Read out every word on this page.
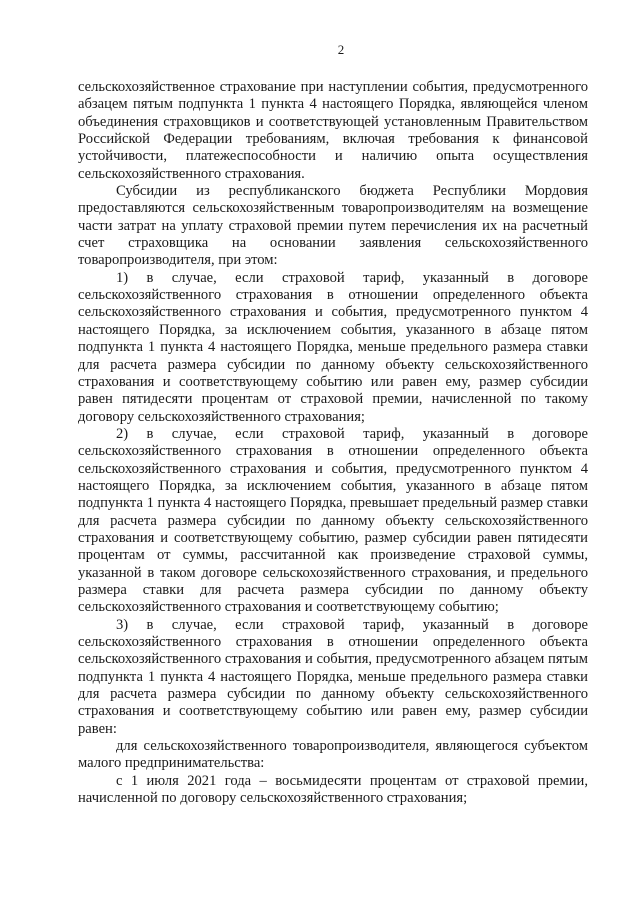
2

сельскохозяйственное страхование при наступлении события, предусмотренного абзацем пятым подпункта 1 пункта 4 настоящего Порядка, являющейся членом объединения страховщиков и соответствующей установленным Правительством Российской Федерации требованиям, включая требования к финансовой устойчивости, платежеспособности и наличию опыта осуществления сельскохозяйственного страхования.

Субсидии из республиканского бюджета Республики Мордовия предоставляются сельскохозяйственным товаропроизводителям на возмещение части затрат на уплату страховой премии путем перечисления их на расчетный счет страховщика на основании заявления сельскохозяйственного товаропроизводителя, при этом:

1) в случае, если страховой тариф, указанный в договоре сельскохозяйственного страхования в отношении определенного объекта сельскохозяйственного страхования и события, предусмотренного пунктом 4 настоящего Порядка, за исключением события, указанного в абзаце пятом подпункта 1 пункта 4 настоящего Порядка, меньше предельного размера ставки для расчета размера субсидии по данному объекту сельскохозяйственного страхования и соответствующему событию или равен ему, размер субсидии равен пятидесяти процентам от страховой премии, начисленной по такому договору сельскохозяйственного страхования;

2) в случае, если страховой тариф, указанный в договоре сельскохозяйственного страхования в отношении определенного объекта сельскохозяйственного страхования и события, предусмотренного пунктом 4 настоящего Порядка, за исключением события, указанного в абзаце пятом подпункта 1 пункта 4 настоящего Порядка, превышает предельный размер ставки для расчета размера субсидии по данному объекту сельскохозяйственного страхования и соответствующему событию, размер субсидии равен пятидесяти процентам от суммы, рассчитанной как произведение страховой суммы, указанной в таком договоре сельскохозяйственного страхования, и предельного размера ставки для расчета размера субсидии по данному объекту сельскохозяйственного страхования и соответствующему событию;

3) в случае, если страховой тариф, указанный в договоре сельскохозяйственного страхования в отношении определенного объекта сельскохозяйственного страхования и события, предусмотренного абзацем пятым подпункта 1 пункта 4 настоящего Порядка, меньше предельного размера ставки для расчета размера субсидии по данному объекту сельскохозяйственного страхования и соответствующему событию или равен ему, размер субсидии равен:

для сельскохозяйственного товаропроизводителя, являющегося субъектом малого предпринимательства:

с 1 июля 2021 года – восьмидесяти процентам от страховой премии, начисленной по договору сельскохозяйственного страхования;
